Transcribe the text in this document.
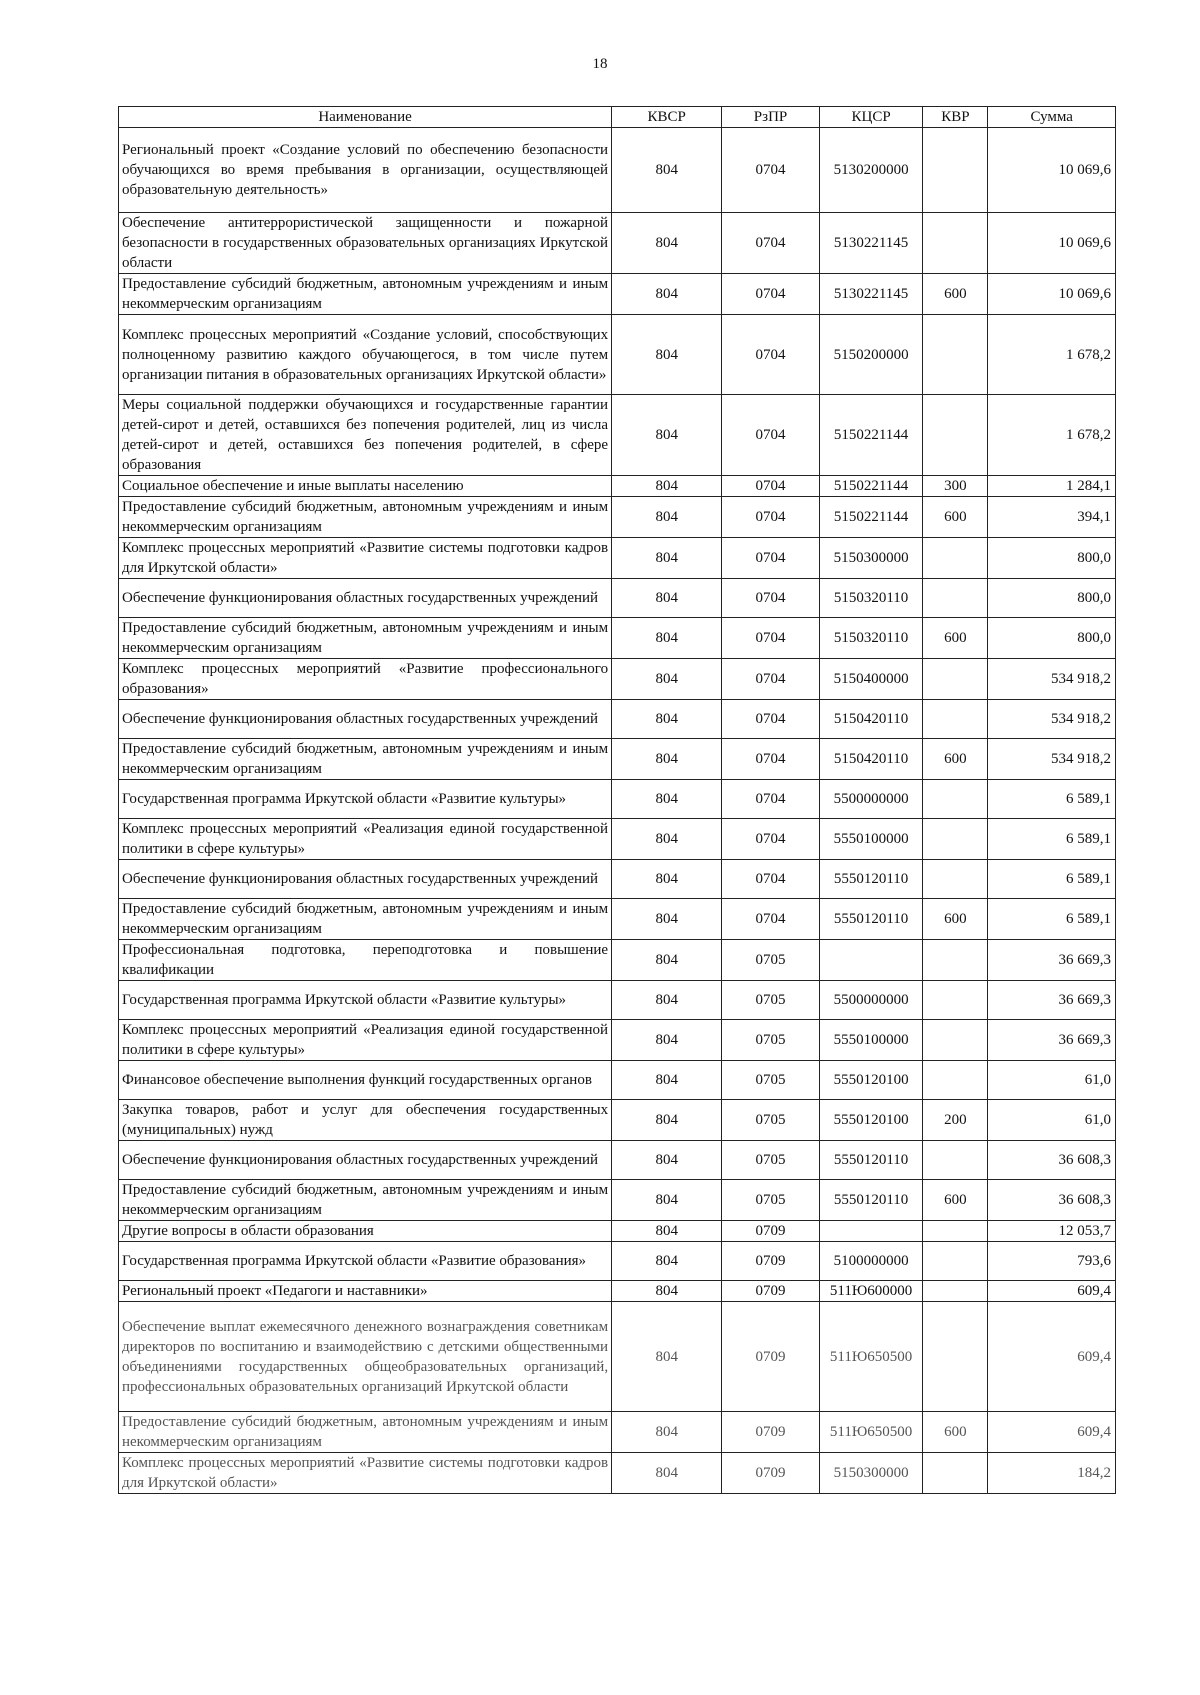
18
Наименование	КВСР	РзПР	КЦСР	КВР	Сумма
Региональный проект «Создание условий по обеспечению безопасности обучающихся во время пребывания в организации, осуществляющей образовательную деятельность»	804	0704	5130200000		10 069,6
Обеспечение антитеррористической защищенности и пожарной безопасности в государственных образовательных организациях Иркутской области	804	0704	5130221145		10 069,6
Предоставление субсидий бюджетным, автономным учреждениям и иным некоммерческим организациям	804	0704	5130221145	600	10 069,6
Комплекс процессных мероприятий «Создание условий, способствующих полноценному развитию каждого обучающегося, в том числе путем организации питания в образовательных организациях Иркутской области»	804	0704	5150200000		1 678,2
Меры социальной поддержки обучающихся и государственные гарантии детей-сирот и детей, оставшихся без попечения родителей, лиц из числа детей-сирот и детей, оставшихся без попечения родителей, в сфере образования	804	0704	5150221144		1 678,2
Социальное обеспечение и иные выплаты населению	804	0704	5150221144	300	1 284,1
Предоставление субсидий бюджетным, автономным учреждениям и иным некоммерческим организациям	804	0704	5150221144	600	394,1
Комплекс процессных мероприятий «Развитие системы подготовки кадров для Иркутской области»	804	0704	5150300000		800,0
Обеспечение функционирования областных государственных учреждений	804	0704	5150320110		800,0
Предоставление субсидий бюджетным, автономным учреждениям и иным некоммерческим организациям	804	0704	5150320110	600	800,0
Комплекс процессных мероприятий «Развитие профессионального образования»	804	0704	5150400000		534 918,2
Обеспечение функционирования областных государственных учреждений	804	0704	5150420110		534 918,2
Предоставление субсидий бюджетным, автономным учреждениям и иным некоммерческим организациям	804	0704	5150420110	600	534 918,2
Государственная программа Иркутской области «Развитие культуры»	804	0704	5500000000		6 589,1
Комплекс процессных мероприятий «Реализация единой государственной политики в сфере культуры»	804	0704	5550100000		6 589,1
Обеспечение функционирования областных государственных учреждений	804	0704	5550120110		6 589,1
Предоставление субсидий бюджетным, автономным учреждениям и иным некоммерческим организациям	804	0704	5550120110	600	6 589,1
Профессиональная подготовка, переподготовка и повышение квалификации	804	0705			36 669,3
Государственная программа Иркутской области «Развитие культуры»	804	0705	5500000000		36 669,3
Комплекс процессных мероприятий «Реализация единой государственной политики в сфере культуры»	804	0705	5550100000		36 669,3
Финансовое обеспечение выполнения функций государственных органов	804	0705	5550120100		61,0
Закупка товаров, работ и услуг для обеспечения государственных (муниципальных) нужд	804	0705	5550120100	200	61,0
Обеспечение функционирования областных государственных учреждений	804	0705	5550120110		36 608,3
Предоставление субсидий бюджетным, автономным учреждениям и иным некоммерческим организациям	804	0705	5550120110	600	36 608,3
Другие вопросы в области образования	804	0709			12 053,7
Государственная программа Иркутской области «Развитие образования»	804	0709	5100000000		793,6
Региональный проект «Педагоги и наставники»	804	0709	511Ю600000		609,4
Обеспечение выплат ежемесячного денежного вознаграждения советникам директоров по воспитанию и взаимодействию с детскими общественными объединениями государственных общеобразовательных организаций, профессиональных образовательных организаций Иркутской области	804	0709	511Ю650500		609,4
Предоставление субсидий бюджетным, автономным учреждениям и иным некоммерческим организациям	804	0709	511Ю650500	600	609,4
Комплекс процессных мероприятий «Развитие системы подготовки кадров для Иркутской области»	804	0709	5150300000		184,2
